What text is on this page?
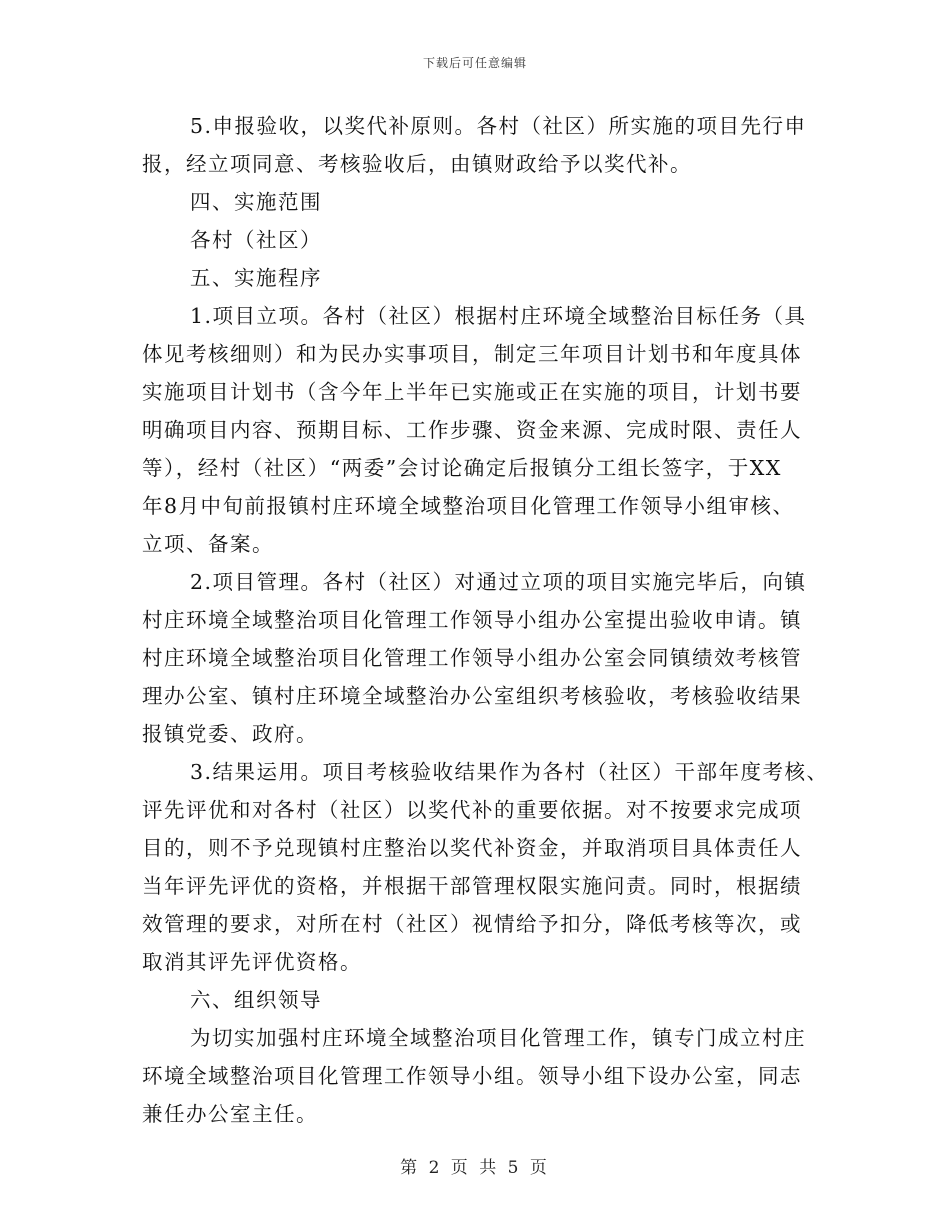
下载后可任意编辑
5.申报验收，以奖代补原则。各村（社区）所实施的项目先行申
报，经立项同意、考核验收后，由镇财政给予以奖代补。
四、实施范围
各村（社区）
五、实施程序
1.项目立项。各村（社区）根据村庄环境全域整治目标任务（具
体见考核细则）和为民办实事项目，制定三年项目计划书和年度具体
实施项目计划书（含今年上半年已实施或正在实施的项目，计划书要
明确项目内容、预期目标、工作步骤、资金来源、完成时限、责任人
等），经村（社区）“两委”会讨论确定后报镇分工组长签字，于XX
年8月中旬前报镇村庄环境全域整治项目化管理工作领导小组审核、
立项、备案。
2.项目管理。各村（社区）对通过立项的项目实施完毕后，向镇
村庄环境全域整治项目化管理工作领导小组办公室提出验收申请。镇
村庄环境全域整治项目化管理工作领导小组办公室会同镇绩效考核管
理办公室、镇村庄环境全域整治办公室组织考核验收，考核验收结果
报镇党委、政府。
3.结果运用。项目考核验收结果作为各村（社区）干部年度考核、
评先评优和对各村（社区）以奖代补的重要依据。对不按要求完成项
目的，则不予兑现镇村庄整治以奖代补资金，并取消项目具体责任人
当年评先评优的资格，并根据干部管理权限实施问责。同时，根据绩
效管理的要求，对所在村（社区）视情给予扣分，降低考核等次，或
取消其评先评优资格。
六、组织领导
为切实加强村庄环境全域整治项目化管理工作，镇专门成立村庄
环境全域整治项目化管理工作领导小组。领导小组下设办公室，同志
兼任办公室主任。
第 2 页 共 5 页
